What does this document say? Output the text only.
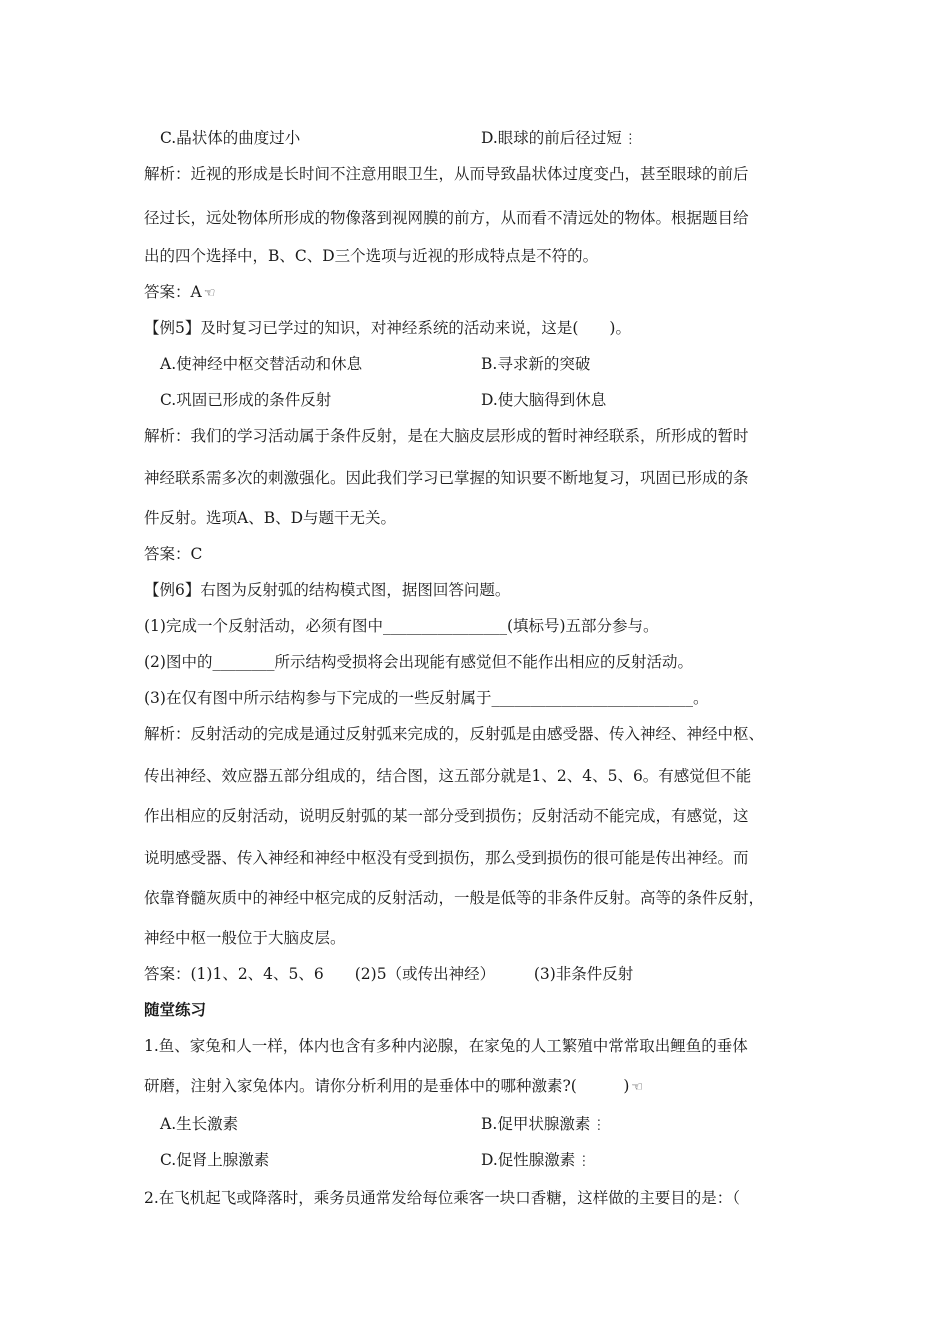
C.晶状体的曲度过小	D.眼球的前后径过短 ⋮
解析：近视的形成是长时间不注意用眼卫生，从而导致晶状体过度变凸，甚至眼球的前后
径过长，远处物体所形成的物像落到视网膜的前方，从而看不清远处的物体。根据题目给
出的四个选择中，B、C、D三个选项与近视的形成特点是不符的。
答案：A ☜
【例5】及时复习已学过的知识，对神经系统的活动来说，这是(　　)。
A.使神经中枢交替活动和休息	B.寻求新的突破
C.巩固已形成的条件反射	D.使大脑得到休息
解析：我们的学习活动属于条件反射，是在大脑皮层形成的暂时神经联系，所形成的暂时
神经联系需多次的刺激强化。因此我们学习已掌握的知识要不断地复习，巩固已形成的条
件反射。选项A、B、D与题干无关。
答案：C
【例6】右图为反射弧的结构模式图，据图回答问题。
(1)完成一个反射活动，必须有图中________________(填标号)五部分参与。
(2)图中的________所示结构受损将会出现能有感觉但不能作出相应的反射活动。
(3)在仅有图中所示结构参与下完成的一些反射属于__________________________。
解析：反射活动的完成是通过反射弧来完成的，反射弧是由感受器、传入神经、神经中枢、
传出神经、效应器五部分组成的，结合图，这五部分就是1、2、4、5、6。有感觉但不能
作出相应的反射活动，说明反射弧的某一部分受到损伤；反射活动不能完成，有感觉，这
说明感受器、传入神经和神经中枢没有受到损伤，那么受到损伤的很可能是传出神经。而
依靠脊髓灰质中的神经中枢完成的反射活动，一般是低等的非条件反射。高等的条件反射，
神经中枢一般位于大脑皮层。
答案：(1)1、2、4、5、6　　(2)5（或传出神经）　　　(3)非条件反射
随堂练习
1.鱼、家兔和人一样，体内也含有多种内泌腺，在家兔的人工繁殖中常常取出鲤鱼的垂体
研磨，注射入家兔体内。请你分析利用的是垂体中的哪种激素?(　　　) ☜
A.生长激素	B.促甲状腺激素 ⋮
C.促肾上腺激素	D.促性腺激素 ⋮
2.在飞机起飞或降落时，乘务员通常发给每位乘客一块口香糖，这样做的主要目的是：（
